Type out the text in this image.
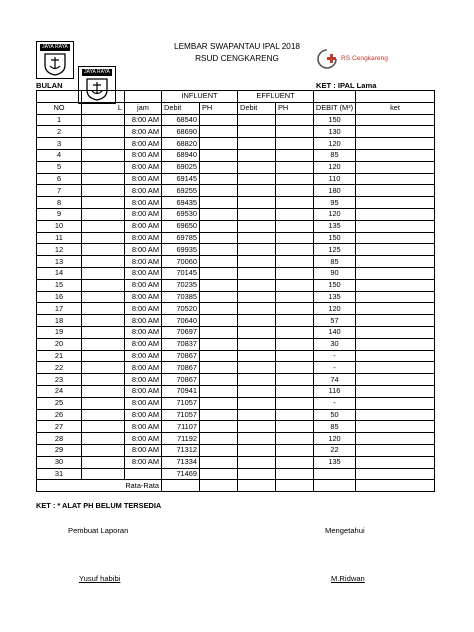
LEMBAR SWAPANTAU IPAL 2018
RSUD CENGKARENG
JAYA RAYA
JAYA RAYA
RS Cengkareng
BULAN	KET : IPAL Lama
			INFLUENT		EFFLUENT			
NO	L	jam	Debit	PH	Debit	PH	DEBIT (M³)	ket
1		8:00 AM	68540				150	
2		8:00 AM	68690				130	
3		8:00 AM	68820				120	
4		8:00 AM	68940				85	
5		8:00 AM	69025				120	
6		8:00 AM	69145				110	
7		8:00 AM	69255				180	
8		8:00 AM	69435				95	
9		8:00 AM	69530				120	
10		8:00 AM	69650				135	
11		8:00 AM	69785				150	
12		8:00 AM	69935				125	
13		8:00 AM	70060				85	
14		8:00 AM	70145				90	
15		8:00 AM	70235				150	
16		8:00 AM	70385				135	
17		8:00 AM	70520				120	
18		8:00 AM	70640				57	
19		8:00 AM	70697				140	
20		8:00 AM	70837				30	
21		8:00 AM	70867				-	
22		8:00 AM	70867				-	
23		8:00 AM	70867				74	
24		8:00 AM	70941				116	
25		8:00 AM	71057				-	
26		8:00 AM	71057				50	
27		8:00 AM	71107				85	
28		8:00 AM	71192				120	
29		8:00 AM	71312				22	
30		8:00 AM	71334				135	
31			71469					
Rata-Rata								
KET : * ALAT PH BELUM TERSEDIA
Pembuat Laporan	Mengetahui
Yusuf habibi	M.Ridwan
